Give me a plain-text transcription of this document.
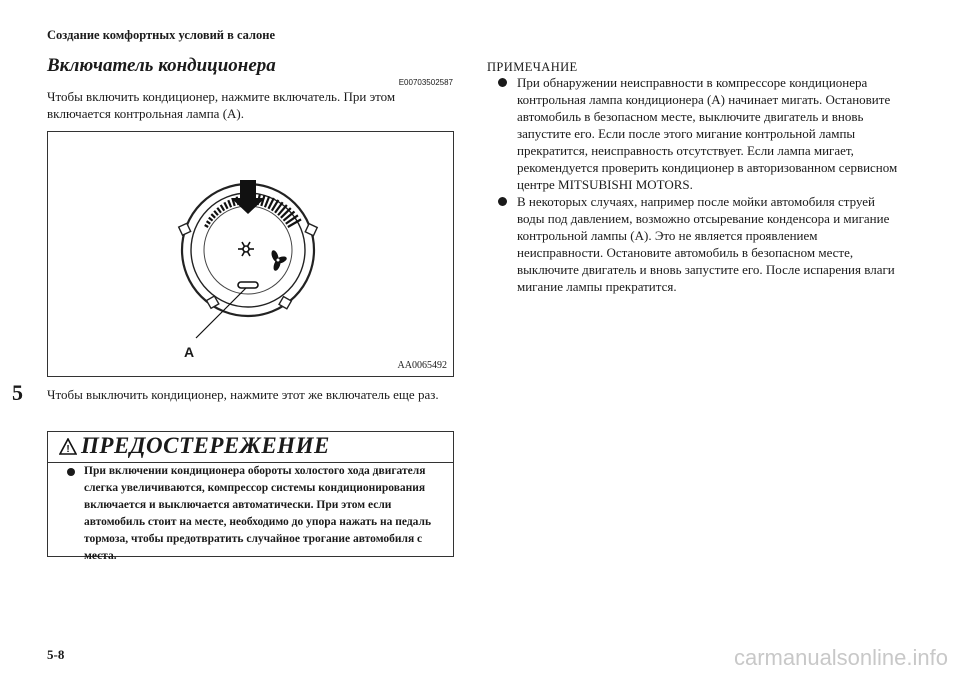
Создание комфортных условий в салоне
Включатель кондиционера
E00703502587
Чтобы включить кондиционер, нажмите включатель. При этом включается контрольная лампа (A).
A
AA0065492
Чтобы выключить кондиционер, нажмите этот же включатель еще раз.
! ПРЕДОСТЕРЕЖЕНИЕ
При включении кондиционера обороты холостого хода двигателя слегка увеличиваются, компрессор системы кондиционирования включается и выключается автоматически. При этом если автомобиль стоит на месте, необходимо до упора нажать на педаль тормоза, чтобы предотвратить случайное трогание автомобиля с места.
ПРИМЕЧАНИЕ
При обнаружении неисправности в компрессоре кондиционера контрольная лампа кондиционера (A) начинает мигать. Остановите автомобиль в безопасном месте, выключите двигатель и вновь запустите его. Если после этого мигание контрольной лампы прекратится, неисправность отсутствует. Если лампа мигает, рекомендуется проверить кондиционер в авторизованном сервисном центре MITSUBISHI MOTORS.
В некоторых случаях, например после мойки автомобиля струей воды под давлением, возможно отсыревание конденсора и мигание контрольной лампы (A). Это не является проявлением неисправности. Остановите автомобиль в безопасном месте, выключите двигатель и вновь запустите его. После испарения влаги мигание лампы прекратится.
5
5-8	carmanualsonline.info
